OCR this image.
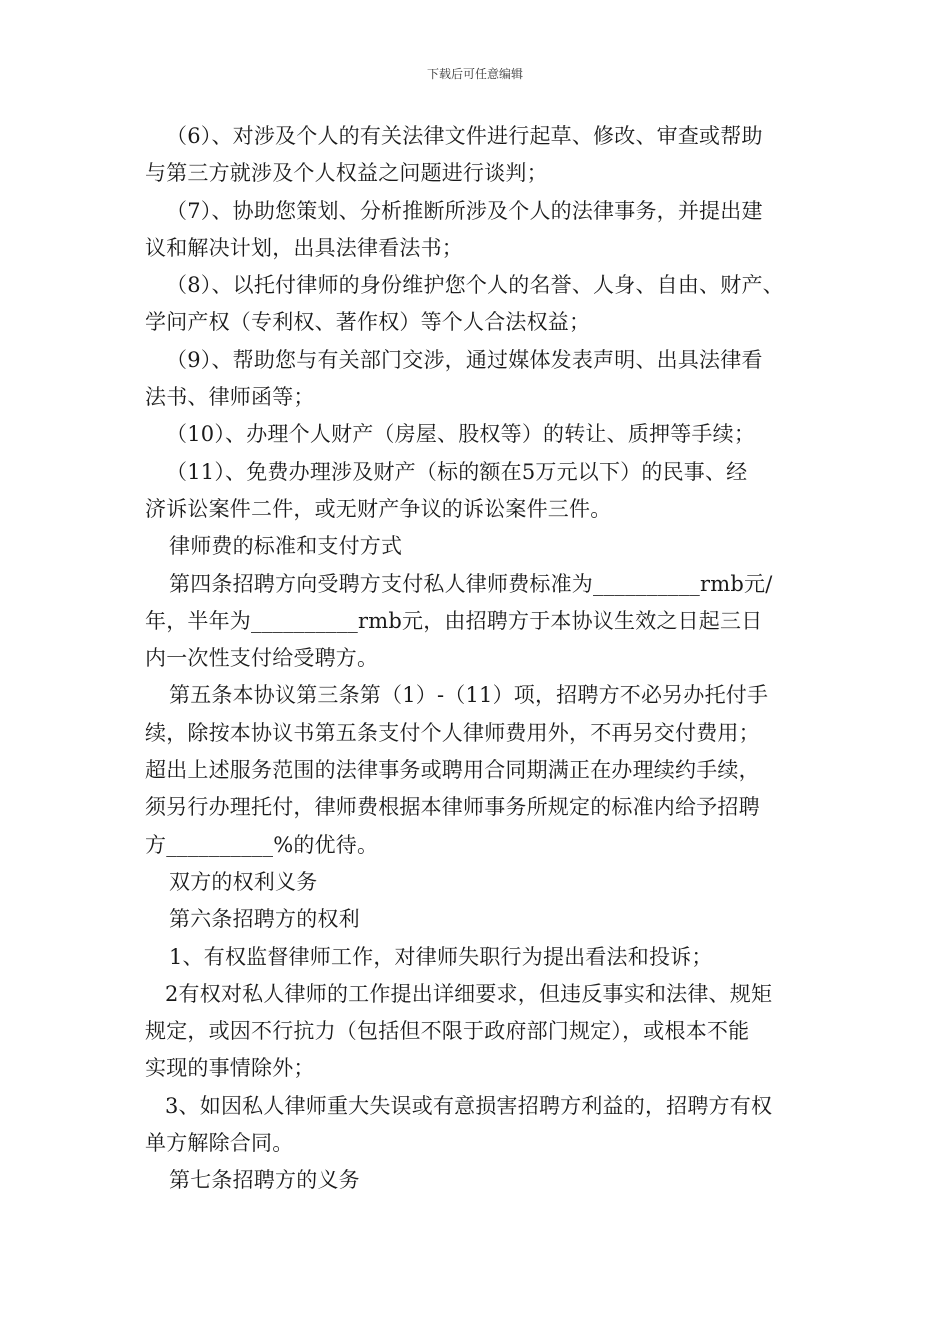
下载后可任意编辑
（6）、对涉及个人的有关法律文件进行起草、修改、审查或帮助
与第三方就涉及个人权益之问题进行谈判；
（7）、协助您策划、分析推断所涉及个人的法律事务，并提出建
议和解决计划，出具法律看法书；
（8）、以托付律师的身份维护您个人的名誉、人身、自由、财产、
学问产权（专利权、著作权）等个人合法权益；
（9）、帮助您与有关部门交涉，通过媒体发表声明、出具法律看
法书、律师函等；
（10）、办理个人财产（房屋、股权等）的转让、质押等手续；
（11）、免费办理涉及财产（标的额在5万元以下）的民事、经
济诉讼案件二件，或无财产争议的诉讼案件三件。
律师费的标准和支付方式
第四条招聘方向受聘方支付私人律师费标准为__________rmb元/
年，半年为__________rmb元，由招聘方于本协议生效之日起三日
内一次性支付给受聘方。
第五条本协议第三条第（1）-（11）项，招聘方不必另办托付手
续，除按本协议书第五条支付个人律师费用外，不再另交付费用；
超出上述服务范围的法律事务或聘用合同期满正在办理续约手续，
须另行办理托付，律师费根据本律师事务所规定的标准内给予招聘
方__________%的优待。
双方的权利义务
第六条招聘方的权利
1、有权监督律师工作，对律师失职行为提出看法和投诉；
2有权对私人律师的工作提出详细要求，但违反事实和法律、规矩
规定，或因不行抗力（包括但不限于政府部门规定），或根本不能
实现的事情除外；
3、如因私人律师重大失误或有意损害招聘方利益的，招聘方有权
单方解除合同。
第七条招聘方的义务
